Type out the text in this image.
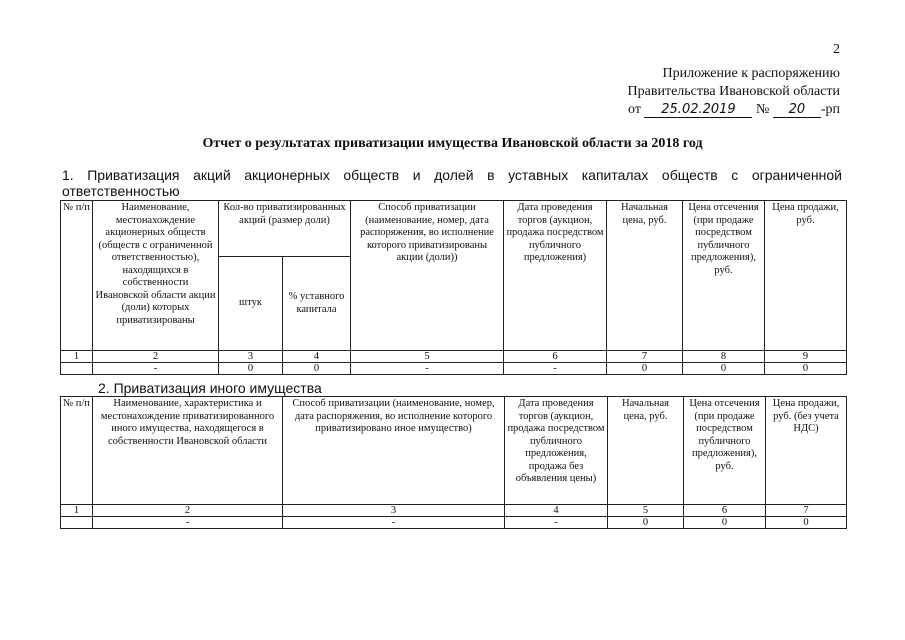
2
Приложение к распоряжению
Правительства Ивановской области
от 25.02.2019 № 20 -рп
Отчет о результатах приватизации имущества Ивановской области за 2018 год
1. Приватизация акций акционерных обществ и долей в уставных капиталах обществ с ограниченной
ответственностью
№ п/п	Наименование, местонахождение акционерных обществ (обществ с ограниченной ответственностью), находящихся в собственности Ивановской области акции (доли) которых приватизированы	Кол-во приватизированных акций (размер доли)		Способ приватизации (наименование, номер, дата распоряжения, во исполнение которого приватизированы акции (доли))	Дата проведения торгов (аукцион, продажа посредством публичного предложения)	Начальная цена, руб.	Цена отсечения (при продаже посредством публичного предложения), руб.	Цена продажи, руб.
		штук	% уставного капитала					
1	2	3	4	5	6	7	8	9
	-	0	0	-	-	0	0	0
2. Приватизация иного имущества
№ п/п	Наименование, характеристика и местонахождение приватизированного иного имущества, находящегося в собственности Ивановской области	Способ приватизации (наименование, номер, дата распоряжения, во исполнение которого приватизировано иное имущество)	Дата проведения торгов (аукцион, продажа посредством публичного предложения, продажа без объявления цены)	Начальная цена, руб.	Цена отсечения (при продаже посредством публичного предложения), руб.	Цена продажи, руб. (без учета НДС)
1	2	3	4	5	6	7
	-	-	-	0	0	0
